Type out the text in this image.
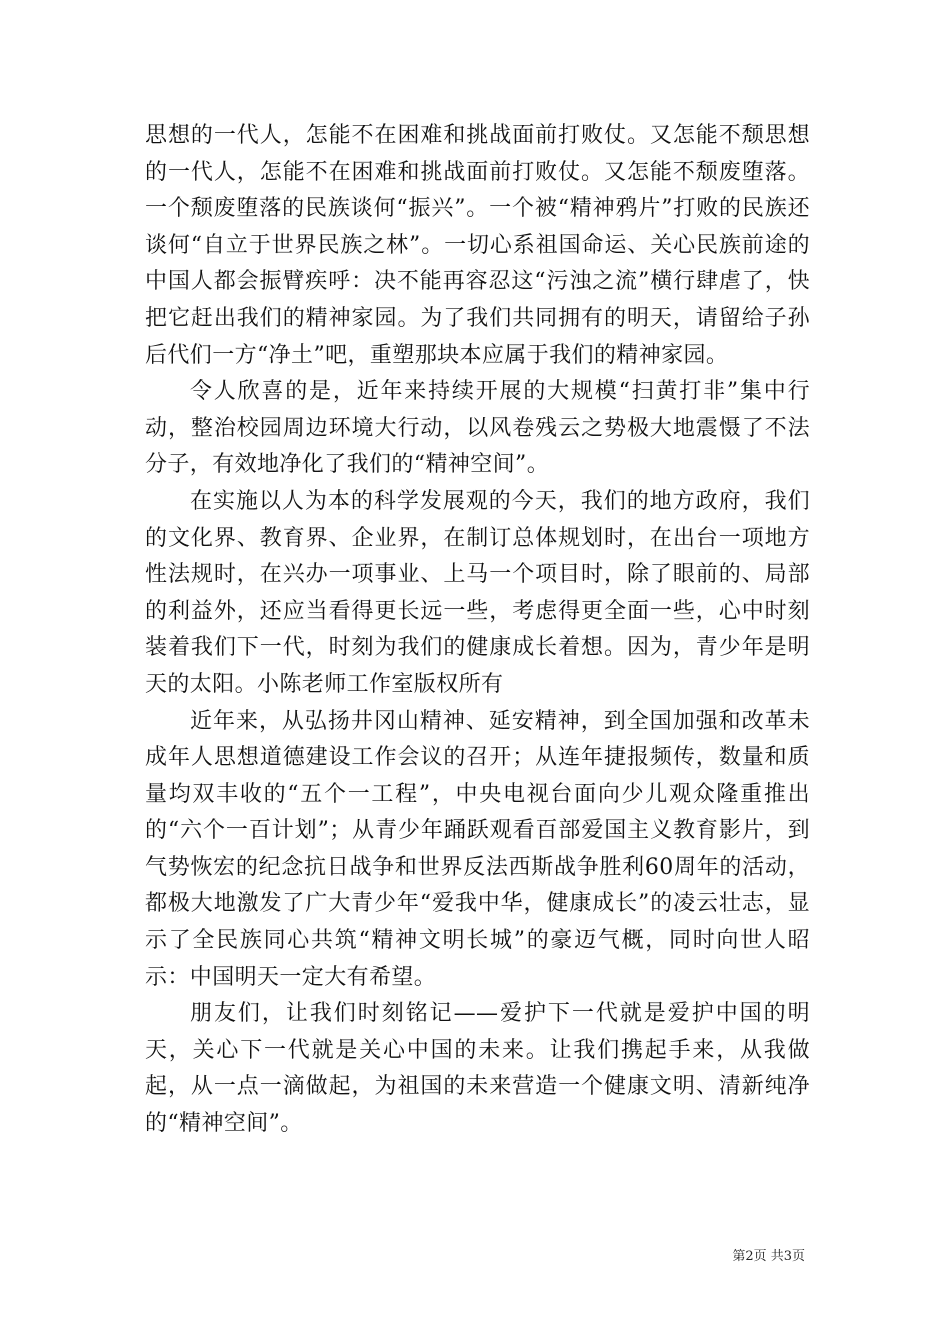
思想的一代人，怎能不在困难和挑战面前打败仗。又怎能不颓思想的一代人，怎能不在困难和挑战面前打败仗。又怎能不颓废堕落。一个颓废堕落的民族谈何“振兴”。一个被“精神鸦片”打败的民族还谈何“自立于世界民族之林”。一切心系祖国命运、关心民族前途的中国人都会振臂疾呼：决不能再容忍这“污浊之流”横行肆虐了，快把它赶出我们的精神家园。为了我们共同拥有的明天，请留给子孙后代们一方“净土”吧，重塑那块本应属于我们的精神家园。

令人欣喜的是，近年来持续开展的大规模“扫黄打非”集中行动，整治校园周边环境大行动，以风卷残云之势极大地震慑了不法分子，有效地净化了我们的“精神空间”。

在实施以人为本的科学发展观的今天，我们的地方政府，我们的文化界、教育界、企业界，在制订总体规划时，在出台一项地方性法规时，在兴办一项事业、上马一个项目时，除了眼前的、局部的利益外，还应当看得更长远一些，考虑得更全面一些，心中时刻装着我们下一代，时刻为我们的健康成长着想。因为，青少年是明天的太阳。小陈老师工作室版权所有

近年来，从弘扬井冈山精神、延安精神，到全国加强和改革未成年人思想道德建设工作会议的召开；从连年捷报频传，数量和质量均双丰收的“五个一工程”，中央电视台面向少儿观众隆重推出的“六个一百计划”；从青少年踊跃观看百部爱国主义教育影片，到气势恢宏的纪念抗日战争和世界反法西斯战争胜利60周年的活动，都极大地激发了广大青少年“爱我中华，健康成长”的凌云壮志，显示了全民族同心共筑“精神文明长城”的豪迈气概，同时向世人昭示：中国明天一定大有希望。

朋友们，让我们时刻铭记——爱护下一代就是爱护中国的明天，关心下一代就是关心中国的未来。让我们携起手来，从我做起，从一点一滴做起，为祖国的未来营造一个健康文明、清新纯净的“精神空间”。

第2页 共3页
